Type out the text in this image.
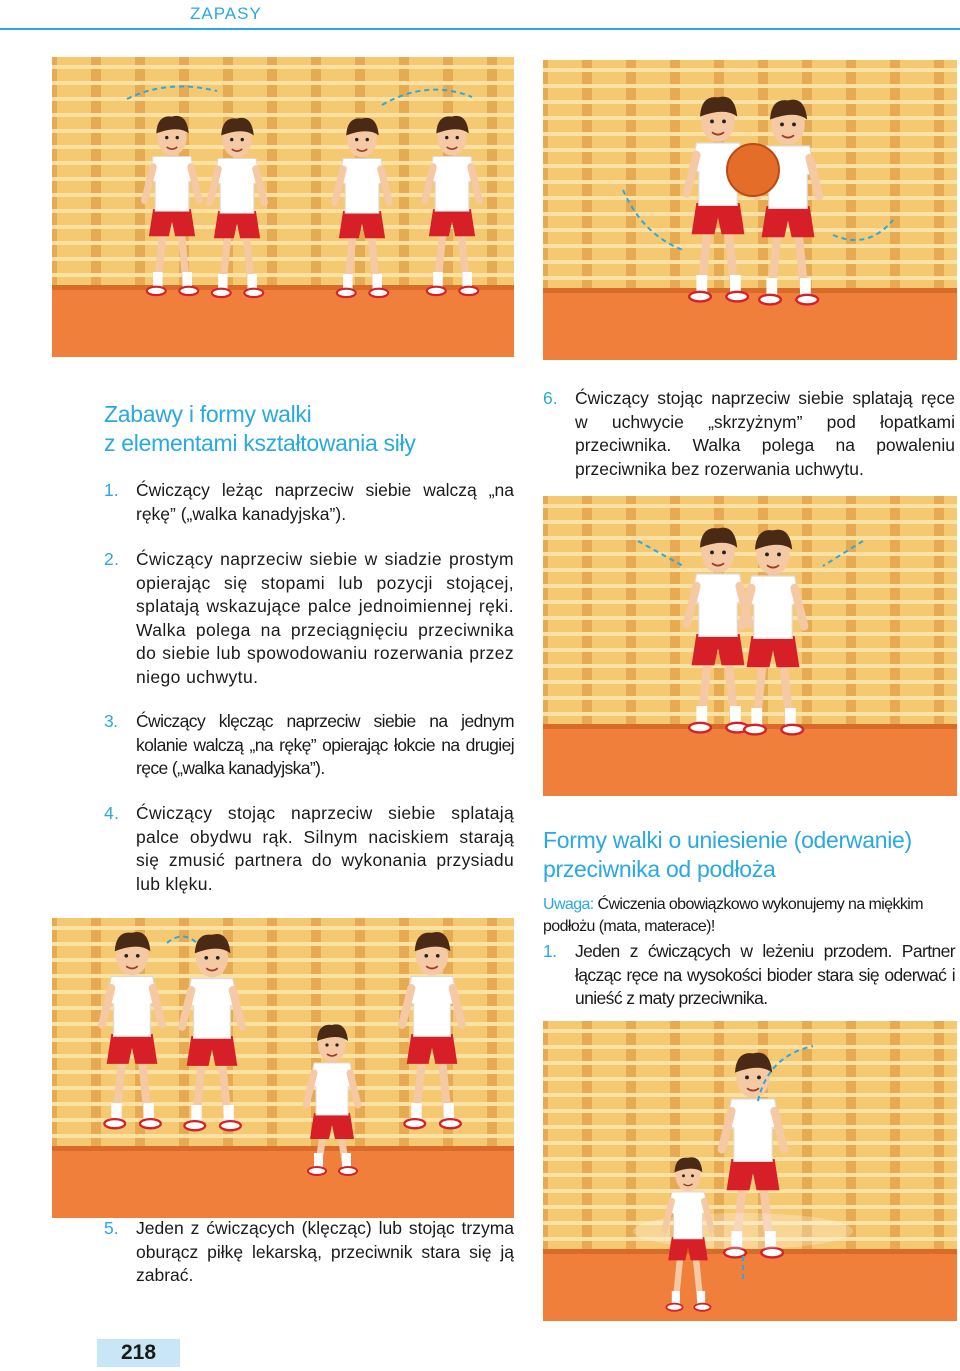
ZAPASY
Zabawy i formy walki
z elementami kształtowania siły
1. Ćwiczący leżąc naprzeciw siebie walczą „na rękę” („walka kanadyjska”).
2. Ćwiczący naprzeciw siebie w siadzie prostym opierając się stopami lub pozycji stojącej, splatają wskazujące palce jednoimiennej ręki. Walka polega na przeciągnięciu przeciwnika do siebie lub spowodowaniu rozerwania przez niego uchwytu.
3.	Ćwiczący klęcząc naprzeciw siebie na jednym kolanie walczą „na rękę” opierając łokcie na drugiej ręce („walka kanadyjska”).
4. Ćwiczący stojąc naprzeciw siebie splatają palce obydwu rąk. Silnym naciskiem starają się zmusić partnera do wykonania przysiadu lub klęku.
5. Jeden z ćwiczących (klęcząc) lub stojąc trzyma oburącz piłkę lekarską, przeciwnik stara się ją zabrać.
6. Ćwiczący stojąc naprzeciw siebie splatają ręce w uchwycie „skrzyżnym” pod łopatkami przeciwnika. Walka polega na powaleniu przeciwnika bez rozerwania uchwytu.
Formy walki o uniesienie (oderwanie)
przeciwnika od podłoża
Uwaga: Ćwiczenia obowiązkowo wykonujemy na miękkim podłożu (mata, materace)!
1.	Jeden z ćwiczących w leżeniu przodem. Partner łącząc ręce na wysokości bioder stara się oderwać i unieść z maty przeciwnika.
218
